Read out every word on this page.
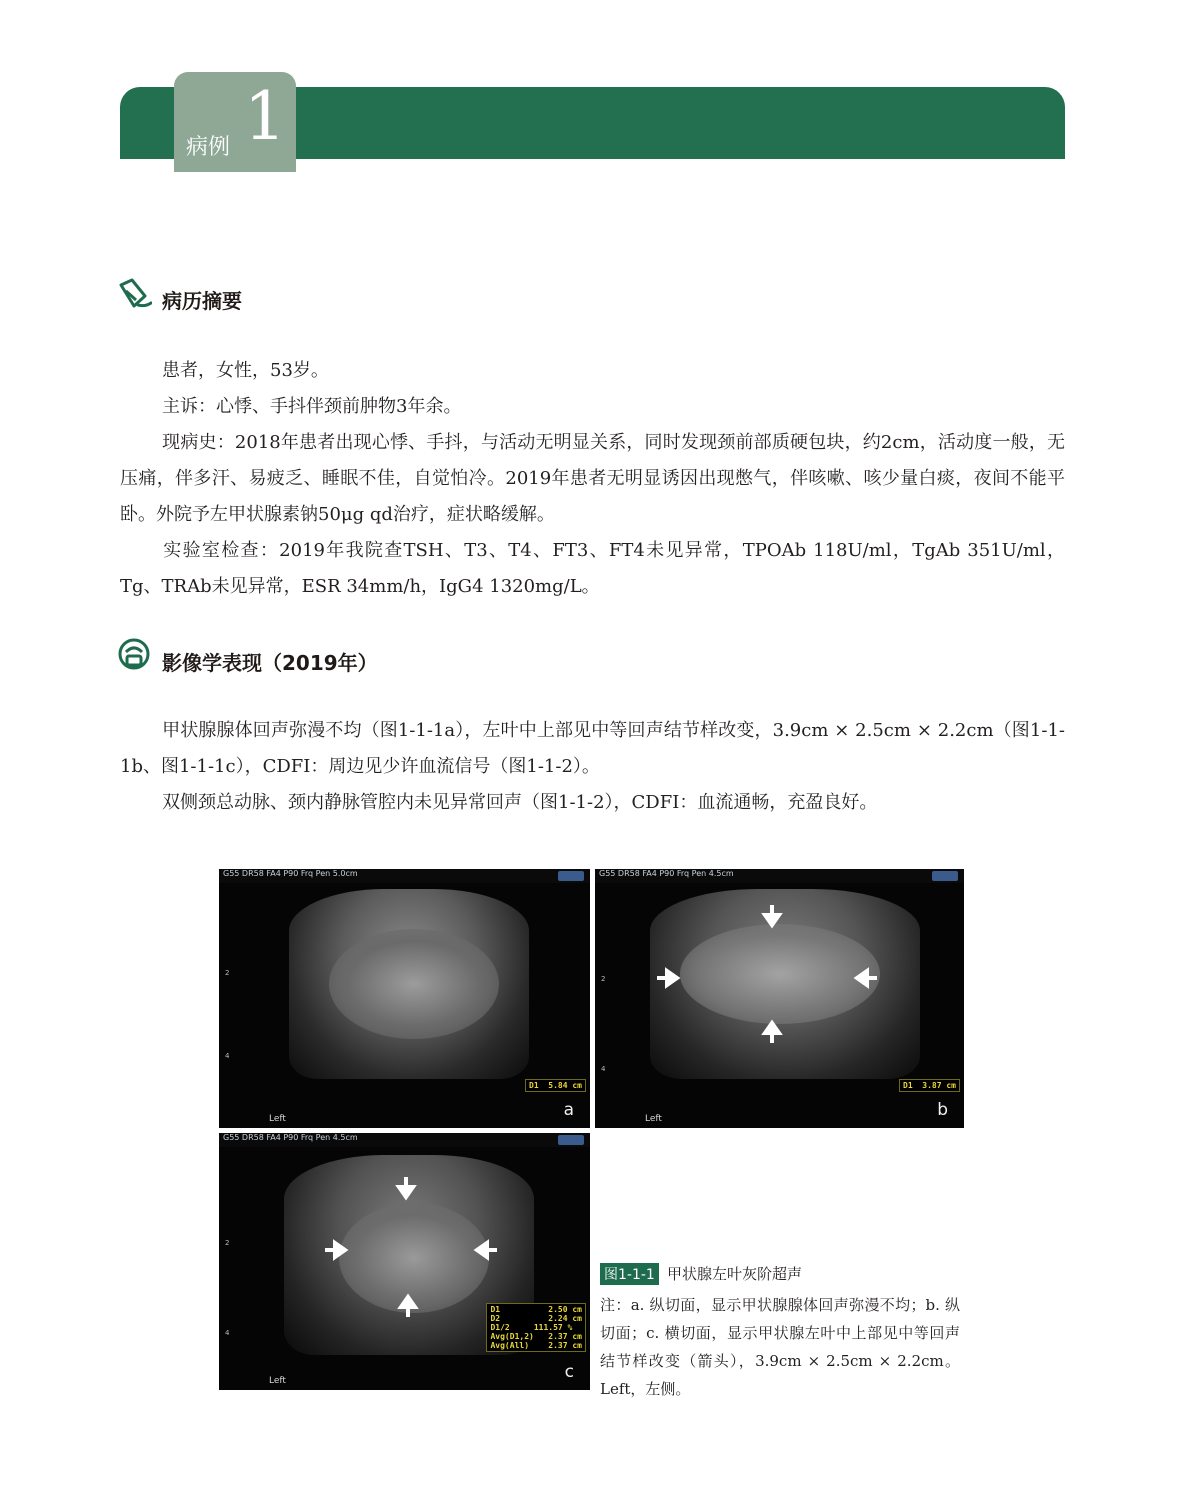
病例 1
病历摘要

患者，女性，53岁。

主诉：心悸、手抖伴颈前肿物3年余。

现病史：2018年患者出现心悸、手抖，与活动无明显关系，同时发现颈前部质硬包块，约2cm，活动度一般，无压痛，伴多汗、易疲乏、睡眠不佳，自觉怕冷。2019年患者无明显诱因出现憋气，伴咳嗽、咳少量白痰，夜间不能平卧。外院予左甲状腺素钠50μg qd治疗，症状略缓解。

实验室检查：2019年我院查TSH、T3、T4、FT3、FT4未见异常，TPOAb 118U/ml，TgAb 351U/ml，Tg、TRAb未见异常，ESR 34mm/h，IgG4 1320mg/L。

影像学表现（2019年）

甲状腺腺体回声弥漫不均（图1-1-1a），左叶中上部见中等回声结节样改变，3.9cm × 2.5cm × 2.2cm（图1-1-1b、图1-1-1c），CDFI：周边见少许血流信号（图1-1-2）。

双侧颈总动脉、颈内静脉管腔内未见异常回声（图1-1-2），CDFI：血流通畅，充盈良好。

G55 DR58 FA4 P90 Frq Pen 5.0cm
2
4
D1  5.84 cm
Left	a
G55 DR58 FA4 P90 Frq Pen 4.5cm
2
4
D1  3.87 cm
Left	b
G55 DR58 FA4 P90 Frq Pen 4.5cm
2
4
D1          2.50 cm
D2          2.24 cm
D1/2     111.57 %
Avg(D1,2)   2.37 cm
Avg(All)    2.37 cm
Left	c
图1-1-1 甲状腺左叶灰阶超声

注：a. 纵切面，显示甲状腺腺体回声弥漫不均；b. 纵切面；c. 横切面，显示甲状腺左叶中上部见中等回声结节样改变（箭头），3.9cm × 2.5cm × 2.2cm。Left，左侧。
